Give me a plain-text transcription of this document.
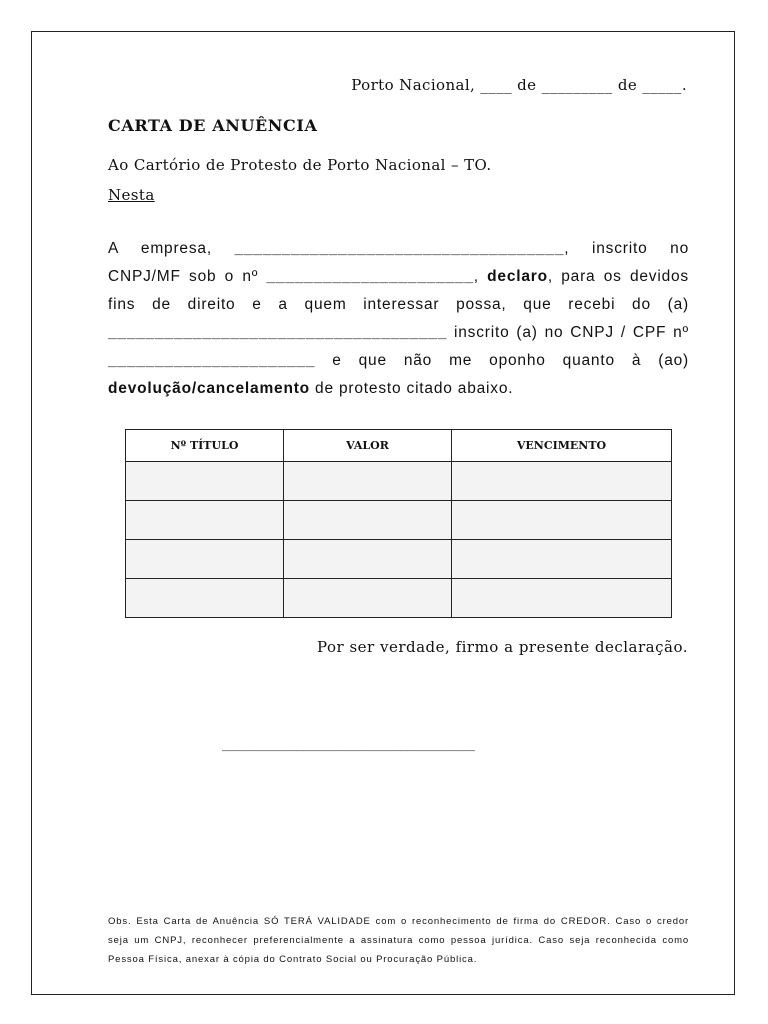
Porto Nacional, ____ de _________ de _____.
CARTA DE ANUÊNCIA
Ao Cartório de Protesto de Porto Nacional – TO.
Nesta
A empresa, ___________________________________, inscrito no CNPJ/MF sob o nº ______________________, declaro, para os devidos fins de direito e a quem interessar possa, que recebi do (a) ____________________________________ inscrito (a) no CNPJ / CPF nº ______________________ e que não me oponho quanto à (ao) devolução/cancelamento de protesto citado abaixo.
Nº TÍTULO	VALOR	VENCIMENTO

Por ser verdade, firmo a presente declaração.
__________________________________
Obs. Esta Carta de Anuência SÓ TERÁ VALIDADE com o reconhecimento de firma do CREDOR. Caso o credor seja um CNPJ, reconhecer preferencialmente a assinatura como pessoa jurídica. Caso seja reconhecida como Pessoa Física, anexar à cópia do Contrato Social ou Procuração Pública.
